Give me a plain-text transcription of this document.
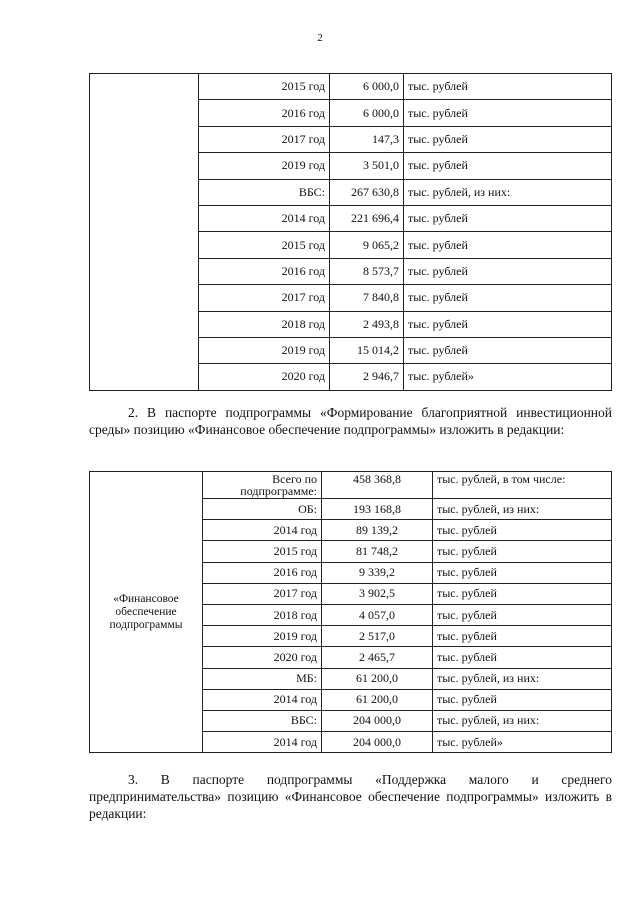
2
	2015 год	6 000,0	тыс. рублей
	2016 год	6 000,0	тыс. рублей
	2017 год	147,3	тыс. рублей
	2019 год	3 501,0	тыс. рублей
	ВБС:	267 630,8	тыс. рублей, из них:
	2014 год	221 696,4	тыс. рублей
	2015 год	9 065,2	тыс. рублей
	2016 год	8 573,7	тыс. рублей
	2017 год	7 840,8	тыс. рублей
	2018 год	2 493,8	тыс. рублей
	2019 год	15 014,2	тыс. рублей
	2020 год	2 946,7	тыс. рублей»
2. В паспорте подпрограммы «Формирование благоприятной инвестиционной среды» позицию «Финансовое обеспечение подпрограммы» изложить в редакции:
«Финансовое обеспечение подпрограммы	Всего по подпрограмме:	458 368,8	тыс. рублей, в том числе:
	ОБ:	193 168,8	тыс. рублей, из них:
	2014 год	89 139,2	тыс. рублей
	2015 год	81 748,2	тыс. рублей
	2016 год	9 339,2	тыс. рублей
	2017 год	3 902,5	тыс. рублей
	2018 год	4 057,0	тыс. рублей
	2019 год	2 517,0	тыс. рублей
	2020 год	2 465,7	тыс. рублей
	МБ:	61 200,0	тыс. рублей, из них:
	2014 год	61 200,0	тыс. рублей
	ВБС:	204 000,0	тыс. рублей, из них:
	2014 год	204 000,0	тыс. рублей»
3. В паспорте подпрограммы «Поддержка малого и среднего предпринимательства» позицию «Финансовое обеспечение подпрограммы» изложить в редакции:
